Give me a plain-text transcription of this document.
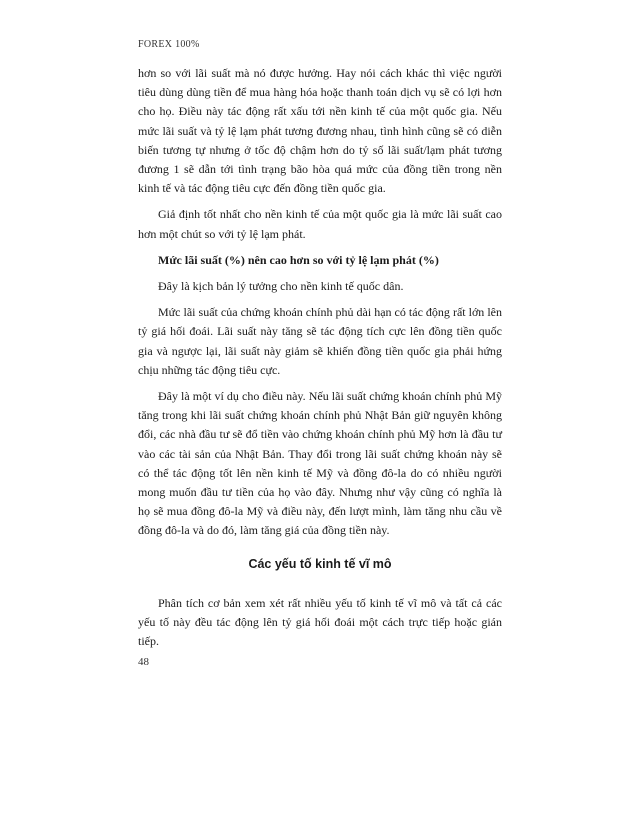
FOREX 100%

hơn so với lãi suất mà nó được hưởng. Hay nói cách khác thì việc người tiêu dùng dùng tiền để mua hàng hóa hoặc thanh toán dịch vụ sẽ có lợi hơn cho họ. Điều này tác động rất xấu tới nền kinh tế của một quốc gia. Nếu mức lãi suất và tỷ lệ lạm phát tương đương nhau, tình hình cũng sẽ có diễn biến tương tự nhưng ở tốc độ chậm hơn do tỷ số lãi suất/lạm phát tương đương 1 sẽ dẫn tới tình trạng bão hòa quá mức của đồng tiền trong nền kinh tế và tác động tiêu cực đến đồng tiền quốc gia.

Giả định tốt nhất cho nền kinh tế của một quốc gia là mức lãi suất cao hơn một chút so với tỷ lệ lạm phát.

Mức lãi suất (%) nên cao hơn so với tỷ lệ lạm phát (%)

Đây là kịch bản lý tưởng cho nền kinh tế quốc dân.

Mức lãi suất của chứng khoán chính phủ dài hạn có tác động rất lớn lên tỷ giá hối đoái. Lãi suất này tăng sẽ tác động tích cực lên đồng tiền quốc gia và ngược lại, lãi suất này giảm sẽ khiến đồng tiền quốc gia phải hứng chịu những tác động tiêu cực.

Đây là một ví dụ cho điều này. Nếu lãi suất chứng khoán chính phủ Mỹ tăng trong khi lãi suất chứng khoán chính phủ Nhật Bản giữ nguyên không đổi, các nhà đầu tư sẽ đổ tiền vào chứng khoán chính phủ Mỹ hơn là đầu tư vào các tài sản của Nhật Bản. Thay đổi trong lãi suất chứng khoán này sẽ có thể tác động tốt lên nền kinh tế Mỹ và đồng đô-la do có nhiều người mong muốn đầu tư tiền của họ vào đây. Nhưng như vậy cũng có nghĩa là họ sẽ mua đồng đô-la Mỹ và điều này, đến lượt mình, làm tăng nhu cầu về đồng đô-la và do đó, làm tăng giá của đồng tiền này.

Các yếu tố kinh tế vĩ mô

Phân tích cơ bản xem xét rất nhiều yếu tố kinh tế vĩ mô và tất cả các yếu tố này đều tác động lên tỷ giá hối đoái một cách trực tiếp hoặc gián tiếp.

48
